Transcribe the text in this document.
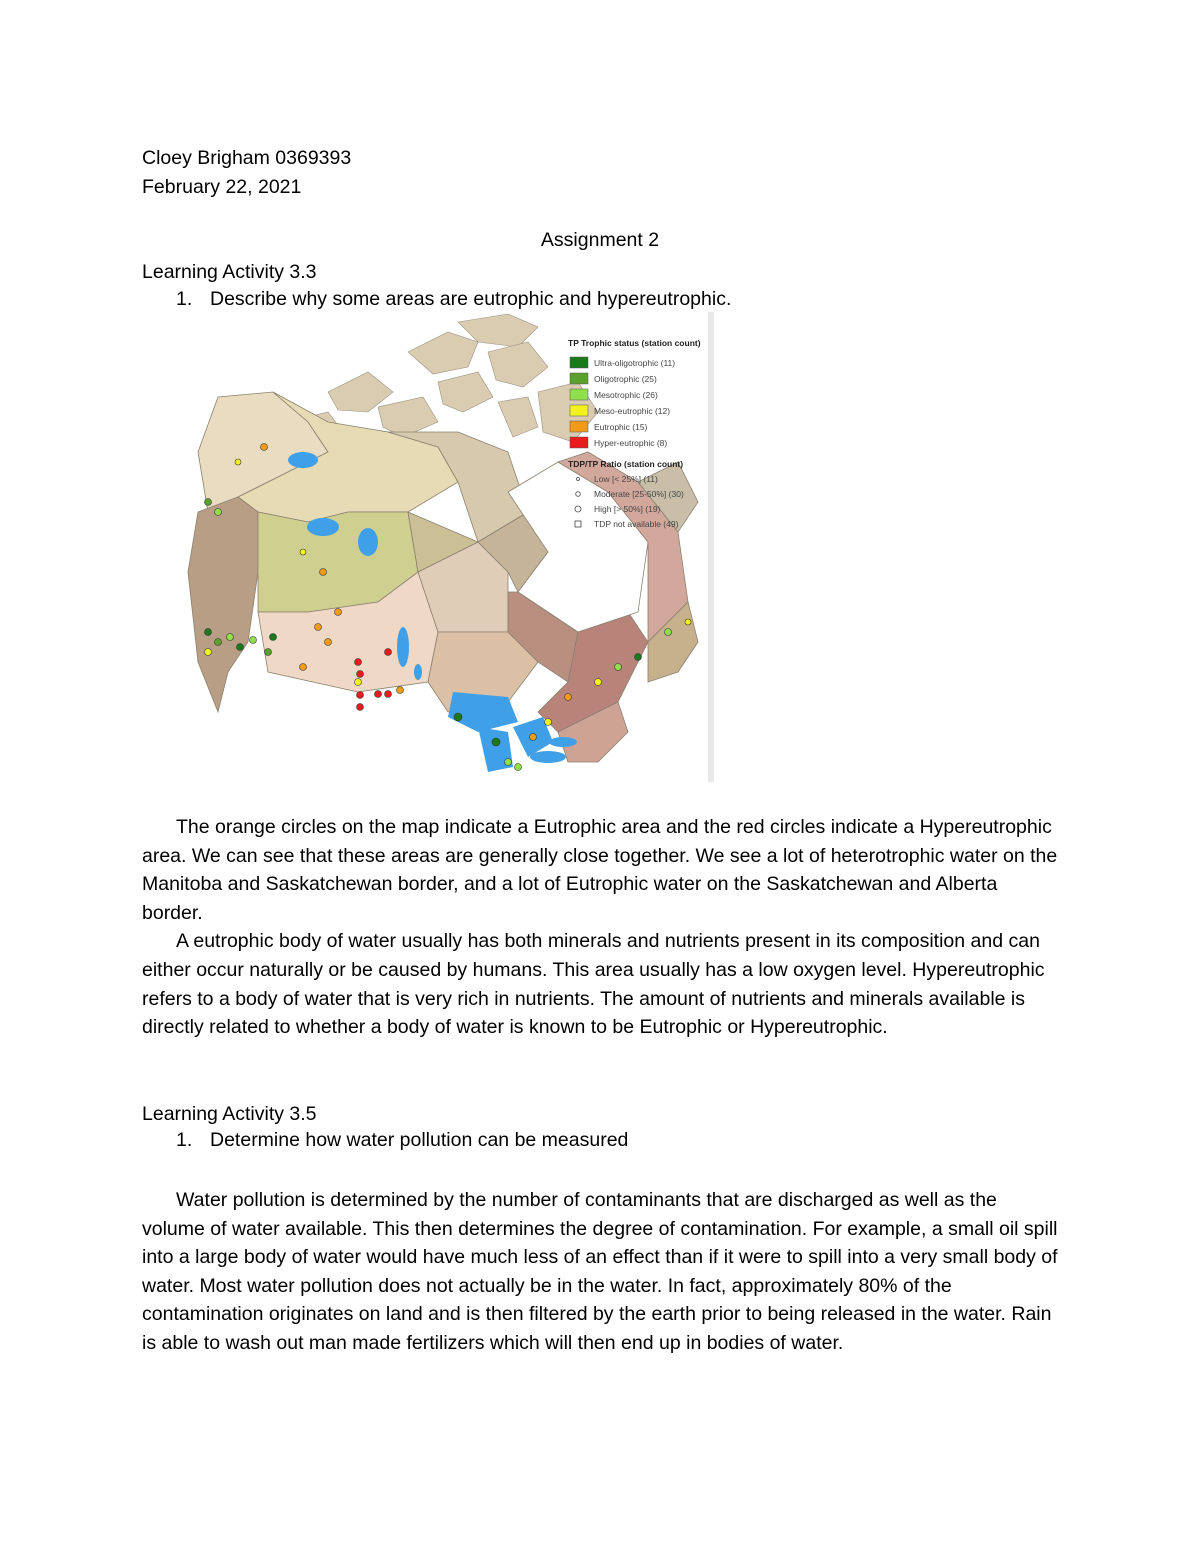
Cloey Brigham 0369393
February 22, 2021
Assignment 2
Learning Activity 3.3
1. Describe why some areas are eutrophic and hypereutrophic.
TP Trophic status (station count)
Ultra-oligotrophic (11)
Oligotrophic (25)
Mesotrophic (26)
Meso-eutrophic (12)
Eutrophic (15)
Hyper-eutrophic (8)
TDP/TP Ratio (station count)
Low [< 25%] (11)
Moderate [25-50%] (30)
High [> 50%] (19)
TDP not available (49)

The orange circles on the map indicate a Eutrophic area and the red circles indicate a Hypereutrophic area. We can see that these areas are generally close together. We see a lot of heterotrophic water on the Manitoba and Saskatchewan border, and a lot of Eutrophic water on the Saskatchewan and Alberta border.

A eutrophic body of water usually has both minerals and nutrients present in its composition and can either occur naturally or be caused by humans. This area usually has a low oxygen level. Hypereutrophic refers to a body of water that is very rich in nutrients. The amount of nutrients and minerals available is directly related to whether a body of water is known to be Eutrophic or Hypereutrophic.

Learning Activity 3.5
1. Determine how water pollution can be measured

Water pollution is determined by the number of contaminants that are discharged as well as the volume of water available. This then determines the degree of contamination. For example, a small oil spill into a large body of water would have much less of an effect than if it were to spill into a very small body of water. Most water pollution does not actually be in the water. In fact, approximately 80% of the contamination originates on land and is then filtered by the earth prior to being released in the water. Rain is able to wash out man made fertilizers which will then end up in bodies of water.
